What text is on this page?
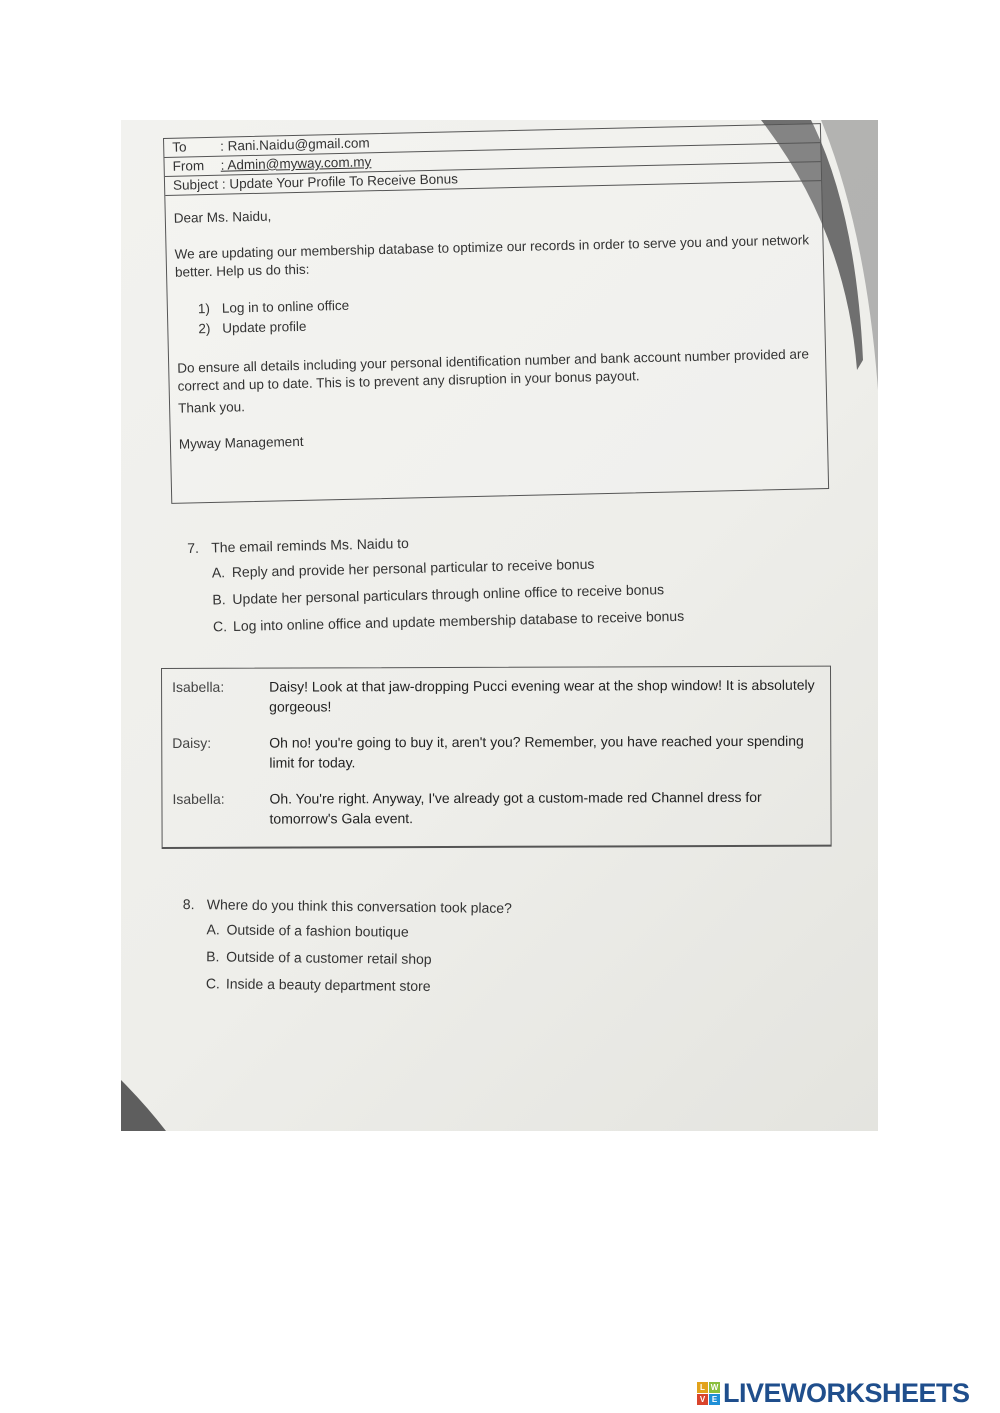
To : Rani.Naidu@gmail.com
From : Admin@myway.com.my
Subject : Update Your Profile To Receive Bonus

Dear Ms. Naidu,

We are updating our membership database to optimize our records in order to serve you and your network better. Help us do this:

1) Log in to online office
2) Update profile

Do ensure all details including your personal identification number and bank account number provided are correct and up to date. This is to prevent any disruption in your bonus payout.

Thank you.

Myway Management

7. The email reminds Ms. Naidu to
A. Reply and provide her personal particular to receive bonus
B. Update her personal particulars through online office to receive bonus
C. Log into online office and update membership database to receive bonus
Isabella:	Daisy! Look at that jaw-dropping Pucci evening wear at the shop window! It is absolutely gorgeous!
Daisy:	Oh no! you're going to buy it, aren't you? Remember, you have reached your spending limit for today.
Isabella:	Oh. You're right. Anyway, I've already got a custom-made red Channel dress for tomorrow's Gala event.
8. Where do you think this conversation took place?
A. Outside of a fashion boutique
B. Outside of a customer retail shop
C. Inside a beauty department store
L W
V E LIVEWORKSHEETS
